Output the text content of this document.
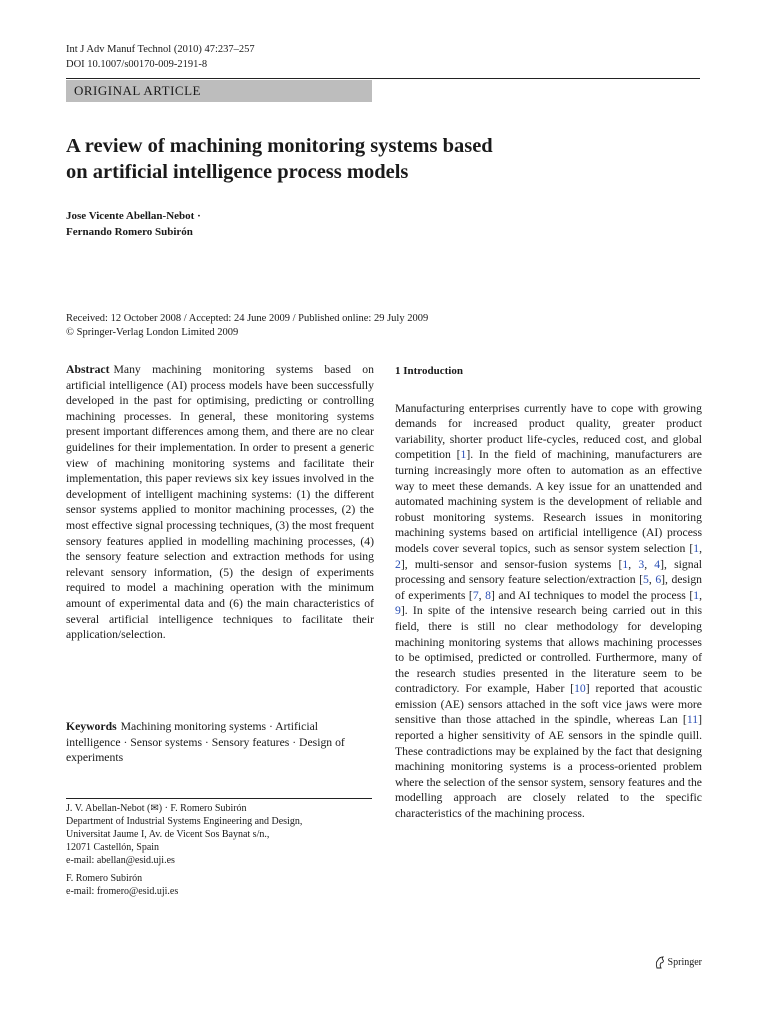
Int J Adv Manuf Technol (2010) 47:237–257
DOI 10.1007/s00170-009-2191-8
ORIGINAL ARTICLE
A review of machining monitoring systems based
on artificial intelligence process models
Jose Vicente Abellan-Nebot ·
Fernando Romero Subirón
Received: 12 October 2008 / Accepted: 24 June 2009 / Published online: 29 July 2009
© Springer-Verlag London Limited 2009

Abstract Many machining monitoring systems based on artificial intelligence (AI) process models have been successfully developed in the past for optimising, predicting or controlling machining processes. In general, these monitoring systems present important differences among them, and there are no clear guidelines for their implementation. In order to present a generic view of machining monitoring systems and facilitate their implementation, this paper reviews six key issues involved in the development of intelligent machining systems: (1) the different sensor systems applied to monitor machining processes, (2) the most effective signal processing techniques, (3) the most frequent sensory features applied in modelling machining processes, (4) the sensory feature selection and extraction methods for using relevant sensory information, (5) the design of experiments required to model a machining operation with the minimum amount of experimental data and (6) the main characteristics of several artificial intelligence techniques to facilitate their application/selection.

Keywords Machining monitoring systems · Artificial intelligence · Sensor systems · Sensory features · Design of experiments

J. V. Abellan-Nebot (✉) · F. Romero Subirón
Department of Industrial Systems Engineering and Design,
Universitat Jaume I, Av. de Vicent Sos Baynat s/n.,
12071 Castellón, Spain
e-mail: abellan@esid.uji.es
F. Romero Subirón
e-mail: fromero@esid.uji.es
1 Introduction

Manufacturing enterprises currently have to cope with growing demands for increased product quality, greater product variability, shorter product life-cycles, reduced cost, and global competition [1]. In the field of machining, manufacturers are turning increasingly more often to automation as an effective way to meet these demands. A key issue for an unattended and automated machining system is the development of reliable and robust monitoring systems. Research issues in monitoring machining systems based on artificial intelligence (AI) process models cover several topics, such as sensor system selection [1, 2], multi-sensor and sensor-fusion systems [1, 3, 4], signal processing and sensory feature selection/extraction [5, 6], design of experiments [7, 8] and AI techniques to model the process [1, 9]. In spite of the intensive research being carried out in this field, there is still no clear methodology for developing machining monitoring systems that allows machining processes to be optimised, predicted or controlled. Furthermore, many of the research studies presented in the literature seem to be contradictory. For example, Haber [10] reported that acoustic emission (AE) sensors attached in the soft vice jaws were more sensitive than those attached in the spindle, whereas Lan [11] reported a higher sensitivity of AE sensors in the spindle quill. These contradictions may be explained by the fact that designing machining monitoring systems is a process-oriented problem where the selection of the sensor system, sensory features and the modelling approach are closely related to the specific characteristics of the machining process.

Springer
